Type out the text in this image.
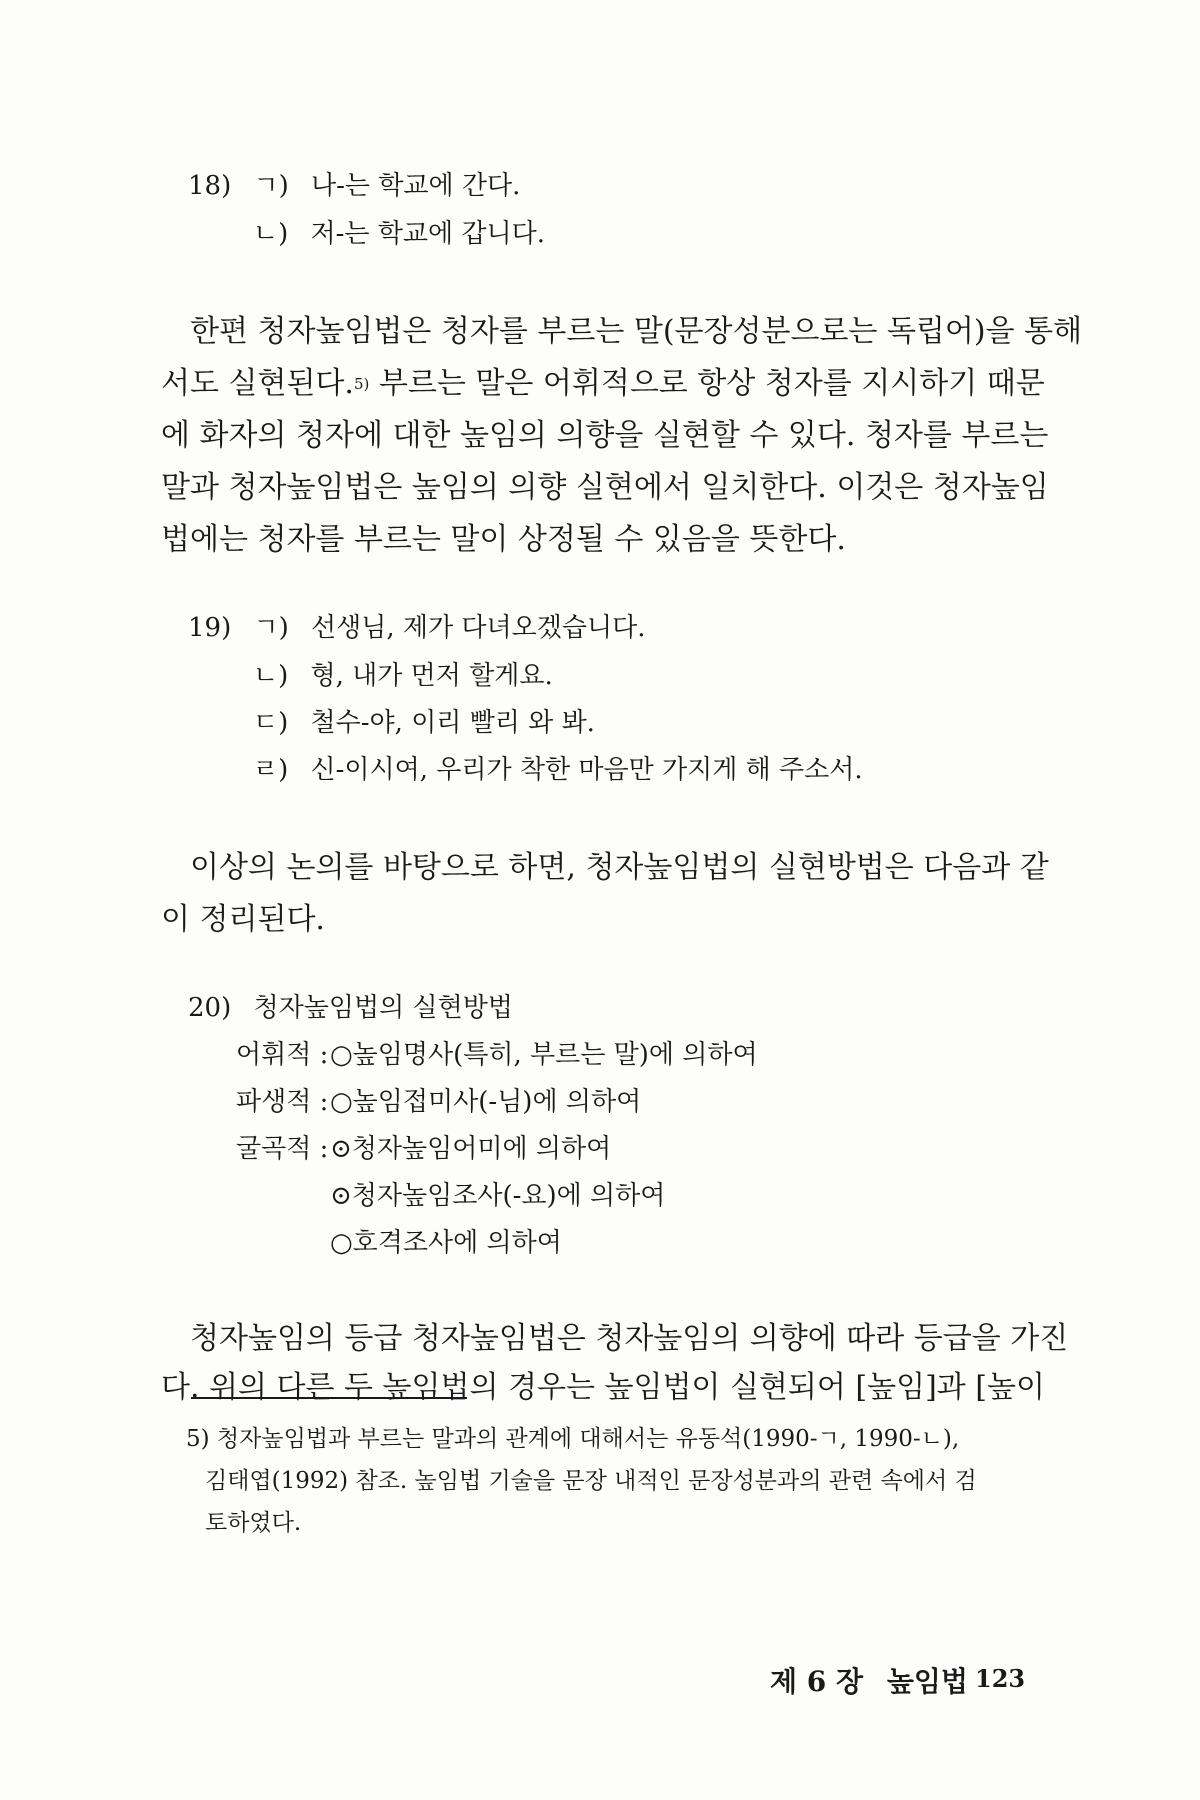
18) ㄱ) 나-는 학교에 간다.
ㄴ) 저-는 학교에 갑니다.
한편 청자높임법은 청자를 부르는 말(문장성분으로는 독립어)을 통해
서도 실현된다.$^{5)}$ 부르는 말은 어휘적으로 항상 청자를 지시하기 때문
에 화자의 청자에 대한 높임의 의향을 실현할 수 있다. 청자를 부르는
말과 청자높임법은 높임의 의향 실현에서 일치한다. 이것은 청자높임
법에는 청자를 부르는 말이 상정될 수 있음을 뜻한다.
19) ㄱ) 선생님, 제가 다녀오겠습니다.
ㄴ) 형, 내가 먼저 할게요.
ㄷ) 철수-야, 이리 빨리 와 봐.
ㄹ) 신-이시여, 우리가 착한 마음만 가지게 해 주소서.
이상의 논의를 바탕으로 하면, 청자높임법의 실현방법은 다음과 같
이 정리된다.
20) 청자높임법의 실현방법
어휘적 :○높임명사(특히, 부르는 말)에 의하여
파생적 :○높임접미사(-님)에 의하여
굴곡적 :⊙청자높임어미에 의하여
⊙청자높임조사(-요)에 의하여
○호격조사에 의하여
청자높임의 등급 청자높임법은 청자높임의 의향에 따라 등급을 가진
다. 위의 다른 두 높임법의 경우는 높임법이 실현되어 [높임]과 [높이
5) 청자높임법과 부르는 말과의 관계에 대해서는 유동석(1990-ㄱ, 1990-ㄴ),
김태엽(1992) 참조. 높임법 기술을 문장 내적인 문장성분과의 관련 속에서 검
토하였다.
제 6 장 높임법 123
